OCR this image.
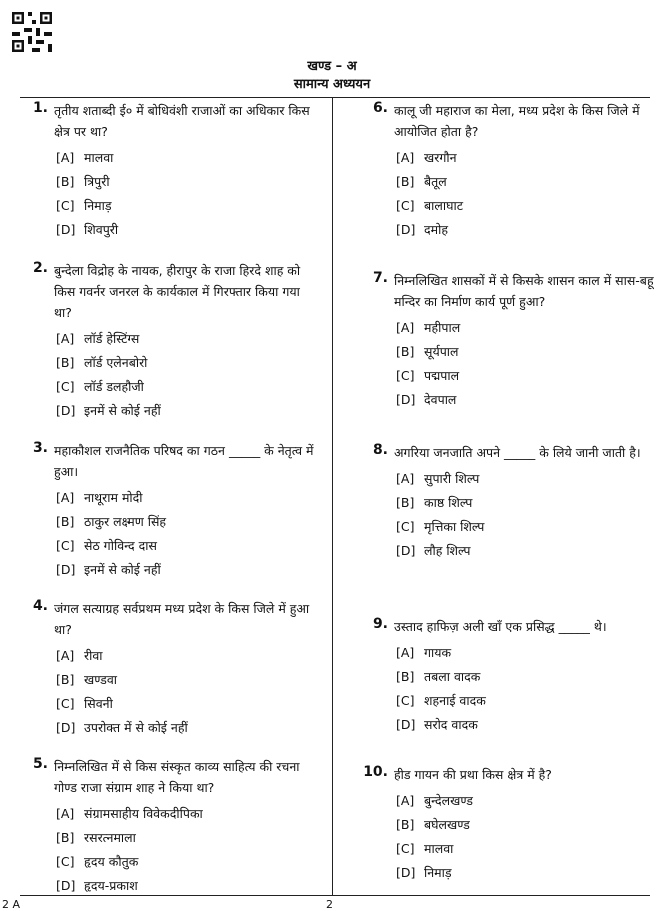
खण्ड – अ
सामान्य अध्ययन
1. तृतीय शताब्दी ई० में बोधिवंशी राजाओं का अधिकार किस क्षेत्र पर था?
[A] मालवा
[B] त्रिपुरी
[C] निमाड़
[D] शिवपुरी
2. बुन्देला विद्रोह के नायक, हीरापुर के राजा हिरदे शाह को किस गवर्नर जनरल के कार्यकाल में गिरफ्तार किया गया था?
[A] लॉर्ड हेस्टिंग्स
[B] लॉर्ड एलेनबोरो
[C] लॉर्ड डलहौजी
[D] इनमें से कोई नहीं
3. महाकौशल राजनैतिक परिषद का गठन _____ के नेतृत्व में हुआ।
[A] नाथूराम मोदी
[B] ठाकुर लक्ष्मण सिंह
[C] सेठ गोविन्द दास
[D] इनमें से कोई नहीं
4. जंगल सत्याग्रह सर्वप्रथम मध्य प्रदेश के किस जिले में हुआ था?
[A] रीवा
[B] खण्डवा
[C] सिवनी
[D] उपरोक्त में से कोई नहीं
5. निम्नलिखित में से किस संस्कृत काव्य साहित्य की रचना गोण्ड राजा संग्राम शाह ने किया था?
[A] संग्रामसाहीय विवेकदीपिका
[B] रसरत्नमाला
[C] हृदय कौतुक
[D] हृदय-प्रकाश
6. कालू जी महाराज का मेला, मध्य प्रदेश के किस जिले में आयोजित होता है?
[A] खरगौन
[B] बैतूल
[C] बालाघाट
[D] दमोह
7. निम्नलिखित शासकों में से किसके शासन काल में सास-बहू मन्दिर का निर्माण कार्य पूर्ण हुआ?
[A] महीपाल
[B] सूर्यपाल
[C] पद्मपाल
[D] देवपाल
8. अगरिया जनजाति अपने _____ के लिये जानी जाती है।
[A] सुपारी शिल्प
[B] काष्ठ शिल्प
[C] मृत्तिका शिल्प
[D] लौह शिल्प
9. उस्ताद हाफिज़ अली खाँ एक प्रसिद्ध _____ थे।
[A] गायक
[B] तबला वादक
[C] शहनाई वादक
[D] सरोद वादक
10. हीड गायन की प्रथा किस क्षेत्र में है?
[A] बुन्देलखण्ड
[B] बघेलखण्ड
[C] मालवा
[D] निमाड़
2 A	2
